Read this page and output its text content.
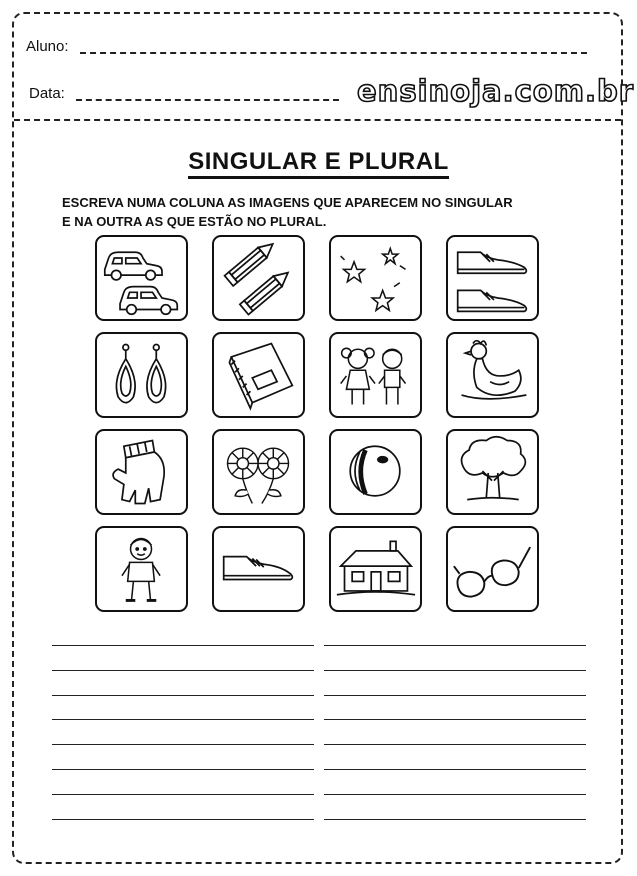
Aluno:
Data:	ensinoja.com.br
SINGULAR E PLURAL
ESCREVA NUMA COLUNA AS IMAGENS QUE APARECEM NO SINGULAR
E NA OUTRA AS QUE ESTÃO NO PLURAL.
